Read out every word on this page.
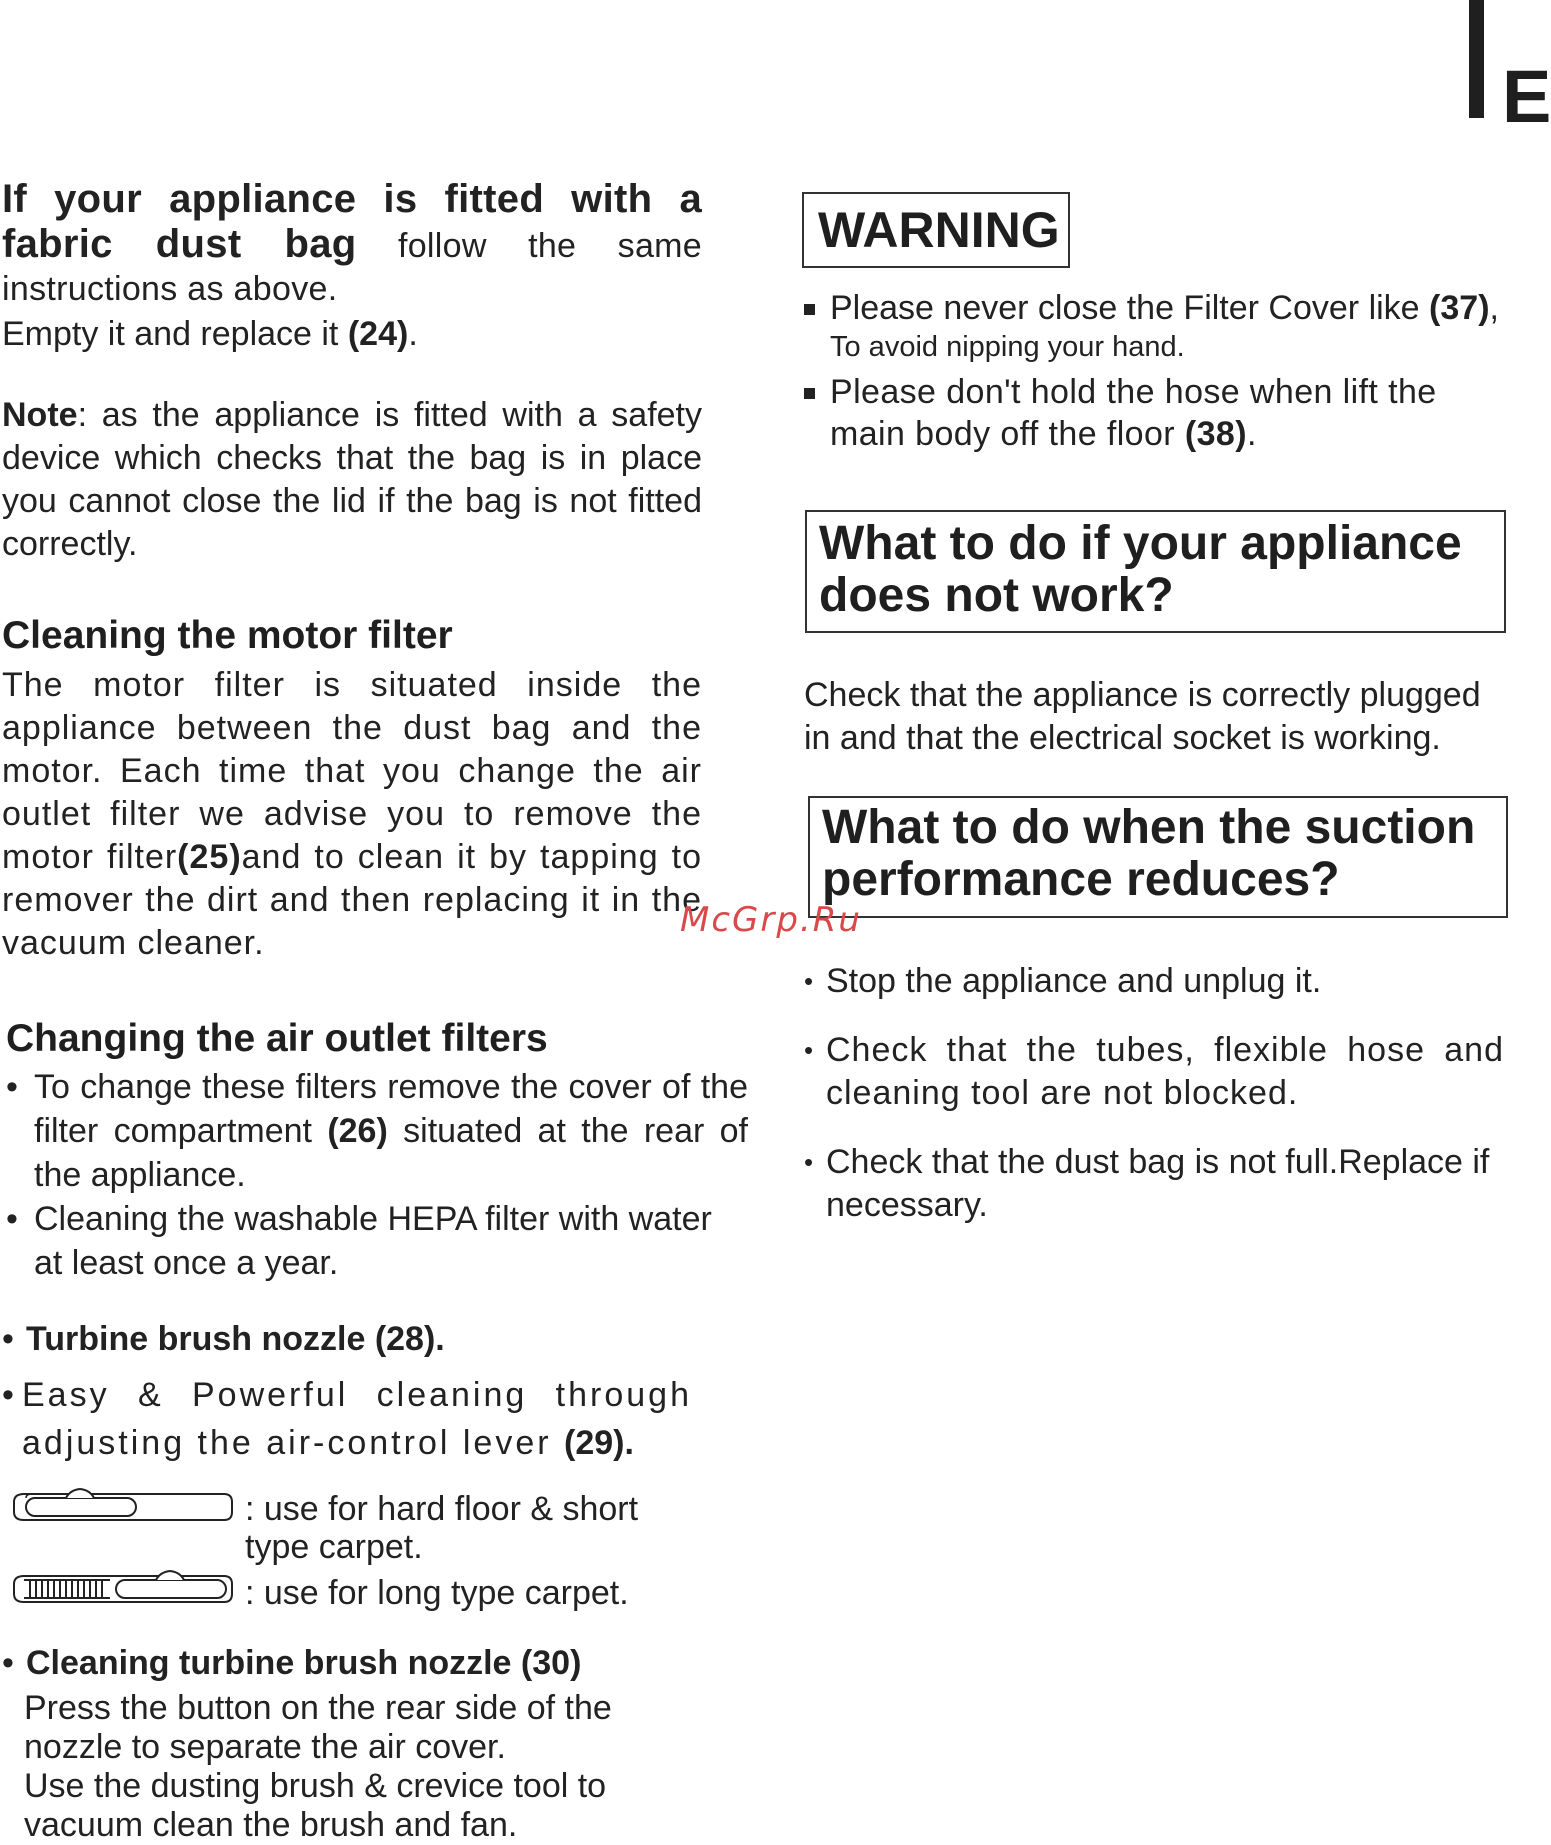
E

If your appliance is fitted with a fabric dust bag follow the same instructions as above.

Empty it and replace it (24).

Note: as the appliance is fitted with a safety device which checks that the bag is in place you cannot close the lid if the bag is not fitted correctly.

Cleaning the motor filter

The motor filter is situated inside the appliance between the dust bag and the motor. Each time that you change the air outlet filter we advise you to remove the motor filter(25)and to clean it by tapping to remover the dirt and then replacing it in the vacuum cleaner.

Changing the air outlet filters
• To change these filters remove the cover of the filter compartment (26) situated at the rear of the appliance.
• Cleaning the washable HEPA filter with water at least once a year.

• Turbine brush nozzle (28).

• Easy & Powerful cleaning through adjusting the air-control lever (29).

: use for hard floor & short type carpet.
: use for long type carpet.

• Cleaning turbine brush nozzle (30)

Press the button on the rear side of the nozzle to separate the air cover.

Use the dusting brush & crevice tool to vacuum clean the brush and fan.

WARNING

Please never close the Filter Cover like (37),

To avoid nipping your hand.

Please don't hold the hose when lift the main body off the floor (38).

What to do if your appliance does not work?

Check that the appliance is correctly plugged in and that the electrical socket is working.

What to do when the suction performance reduces?
• Stop the appliance and unplug it.
• Check that the tubes, flexible hose and cleaning tool are not blocked.
• Check that the dust bag is not full.Replace if necessary.
McGrp.Ru
